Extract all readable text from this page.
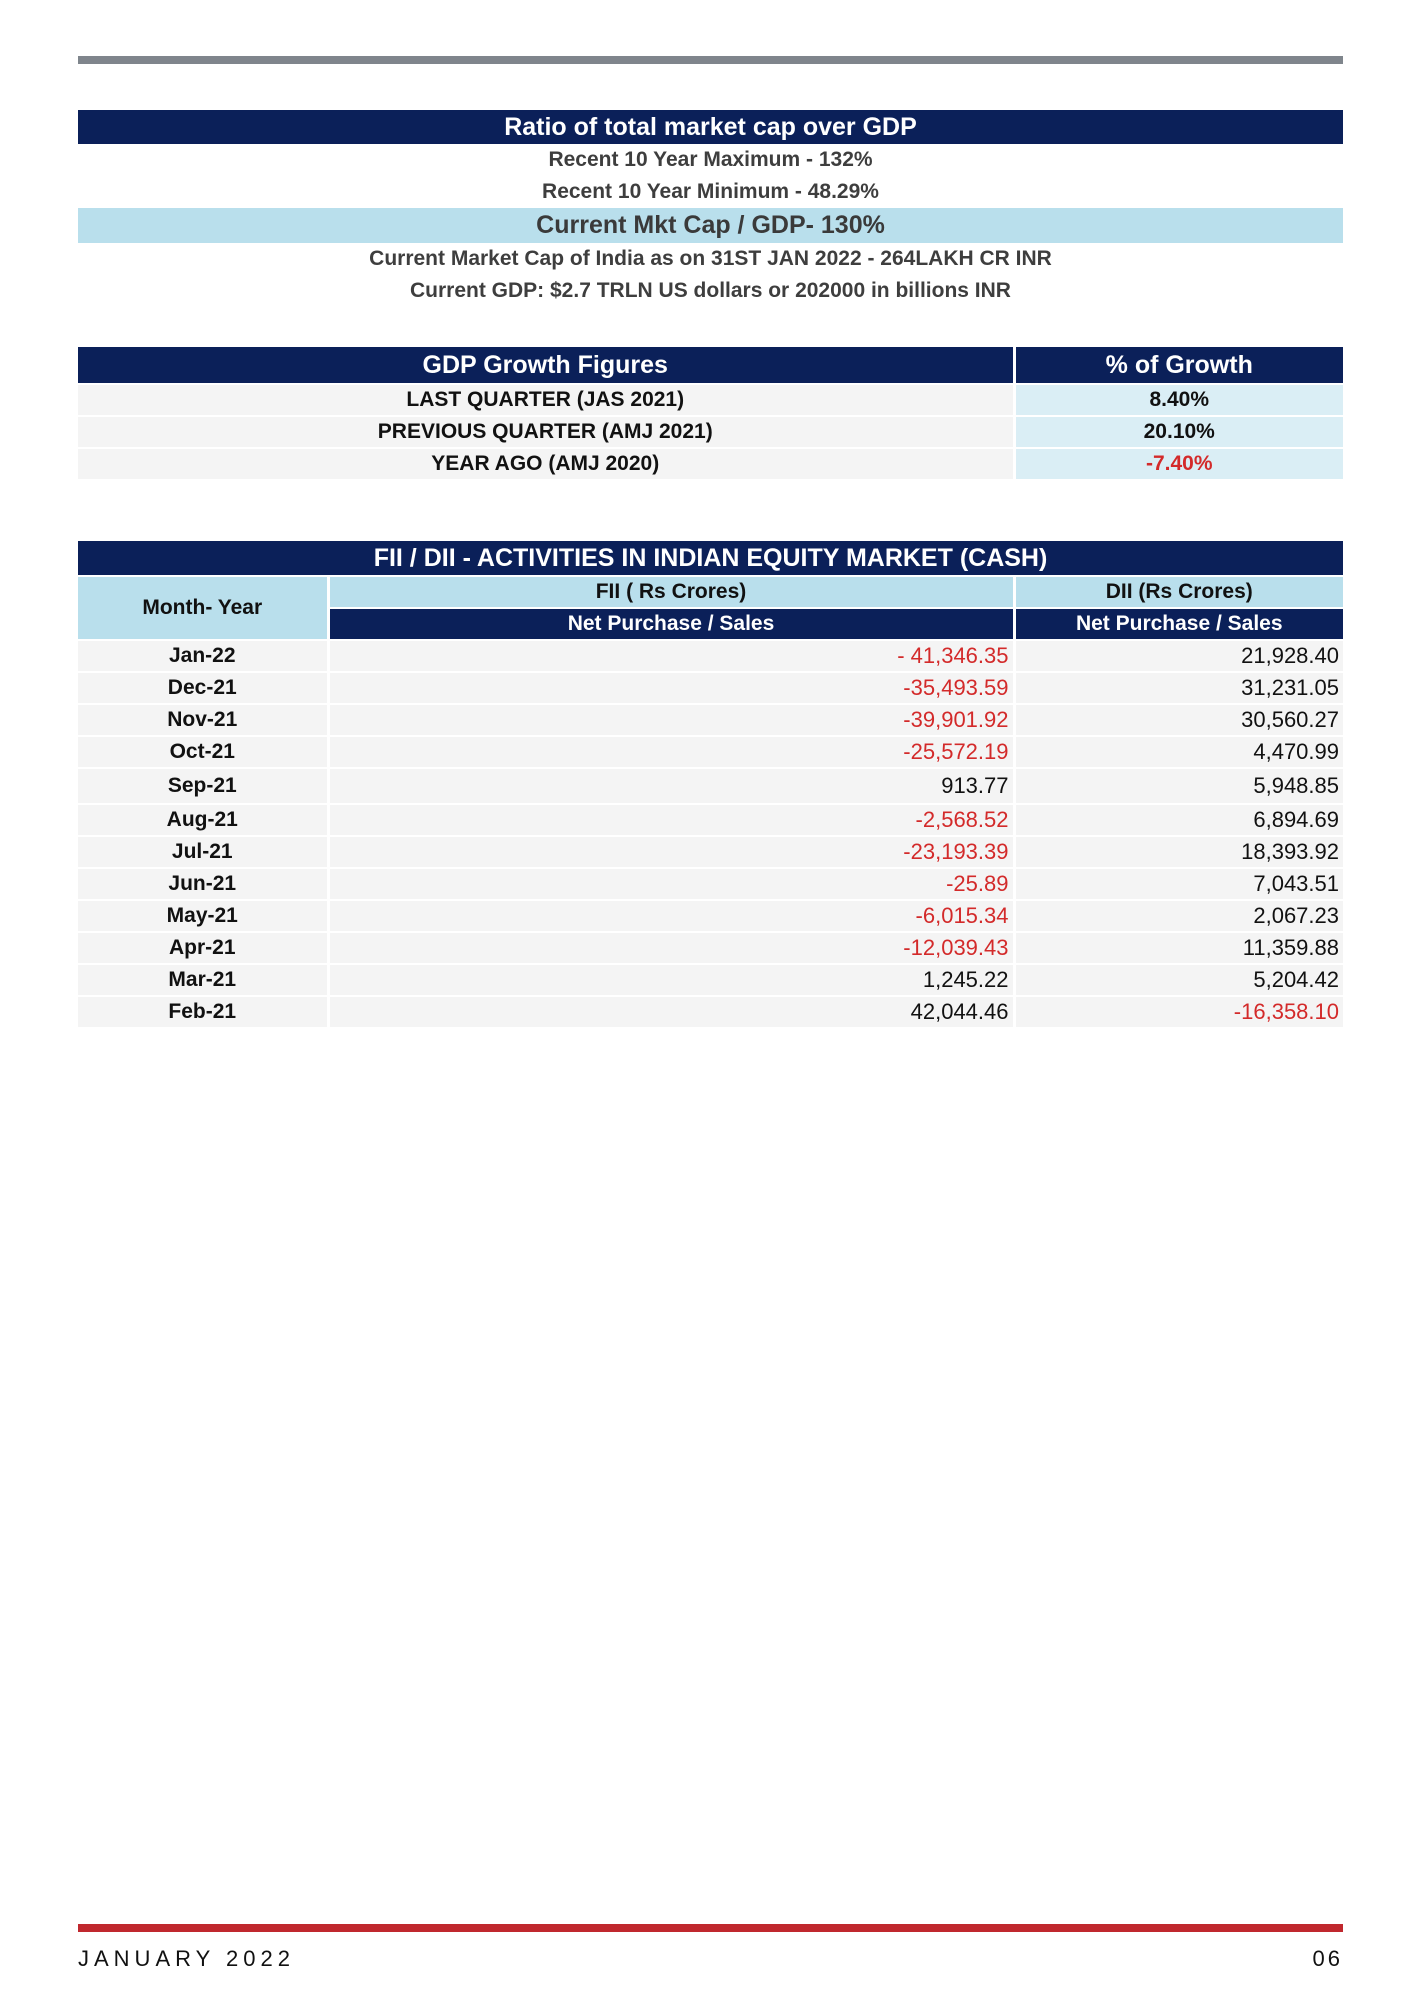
Ratio of total market cap over GDP
Recent 10 Year Maximum - 132%
Recent 10 Year Minimum - 48.29%
Current Mkt Cap / GDP- 130%
Current Market Cap of India as on 31ST JAN 2022 - 264LAKH CR INR
Current GDP: $2.7 TRLN US dollars or 202000 in billions INR
GDP Growth Figures	% of Growth
LAST QUARTER (JAS 2021)	8.40%
PREVIOUS QUARTER (AMJ 2021)	20.10%
YEAR AGO (AMJ 2020)	-7.40%
FII / DII - ACTIVITIES IN INDIAN EQUITY MARKET (CASH)		
Month- Year	FII ( Rs Crores)	DII (Rs Crores)
	Net Purchase / Sales	Net Purchase / Sales
Jan-22	- 41,346.35	21,928.40
Dec-21	-35,493.59	31,231.05
Nov-21	-39,901.92	30,560.27
Oct-21	-25,572.19	4,470.99
Sep-21	913.77	5,948.85
Aug-21	-2,568.52	6,894.69
Jul-21	-23,193.39	18,393.92
Jun-21	-25.89	7,043.51
May-21	-6,015.34	2,067.23
Apr-21	-12,039.43	11,359.88
Mar-21	1,245.22	5,204.42
Feb-21	42,044.46	-16,358.10
JANUARY 2022	06
